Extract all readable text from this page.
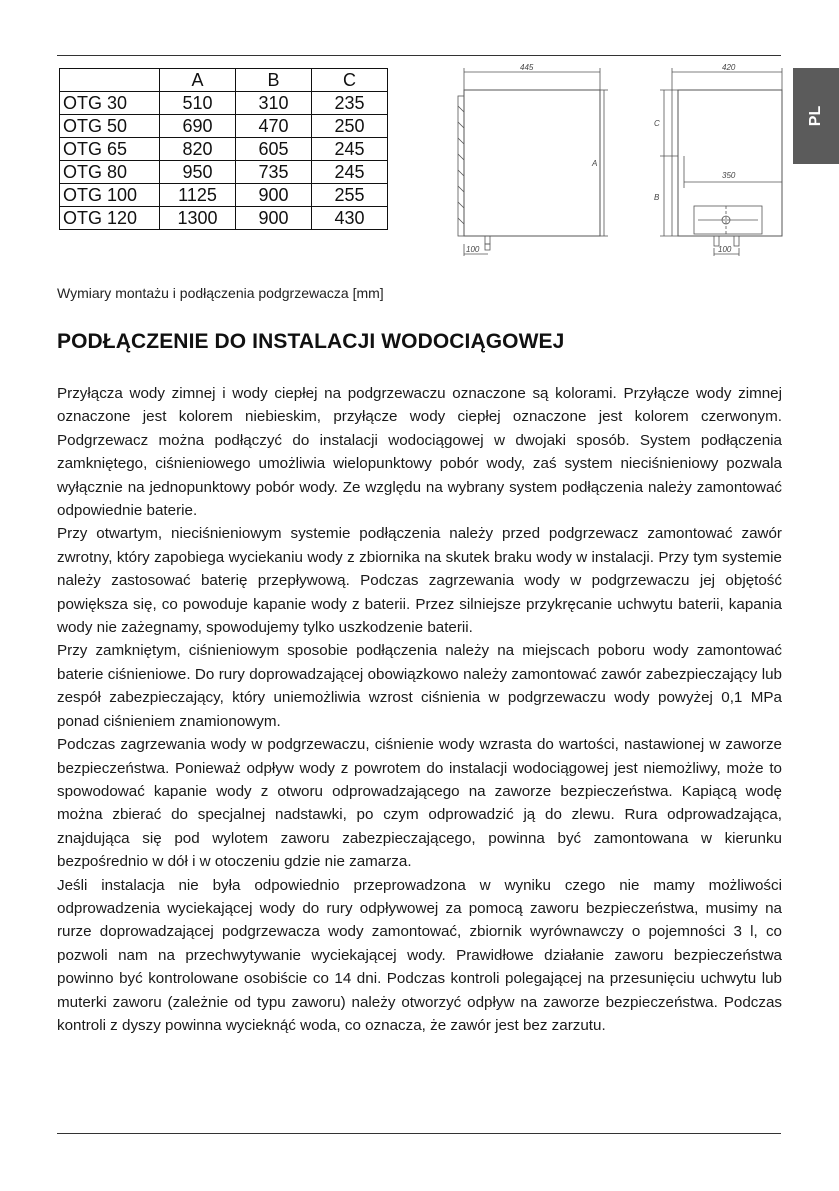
	A	B	C
OTG 30	510	310	235
OTG 50	690	470	250
OTG 65	820	605	245
OTG 80	950	735	245
OTG 100	1125	900	255
OTG 120	1300	900	430
445	420
A
C
B
350
100	100
PL
Wymiary montażu i podłączenia podgrzewacza [mm]
PODŁĄCZENIE DO INSTALACJI WODOCIĄGOWEJ

Przyłącza wody zimnej i wody ciepłej na podgrzewaczu oznaczone są kolorami. Przyłącze wody zimnej oznaczone jest kolorem niebieskim, przyłącze wody ciepłej oznaczone jest kolorem czerwonym. Podgrzewacz można podłączyć do instalacji wodociągowej w dwojaki sposób. System podłączenia zamkniętego, ciśnieniowego umożliwia wielopunktowy pobór wody, zaś system nieciśnieniowy pozwala wyłącznie na jednopunktowy pobór wody. Ze względu na wybrany system podłączenia należy zamontować odpowiednie baterie.

Przy otwartym, nieciśnieniowym systemie podłączenia należy przed podgrzewacz zamontować zawór zwrotny, który zapobiega wyciekaniu wody z zbiornika na skutek braku wody w instalacji. Przy tym systemie należy zastosować baterię przepływową. Podczas zagrzewania wody w podgrzewaczu jej objętość powiększa się, co powoduje kapanie wody z baterii. Przez silniejsze przykręcanie uchwytu baterii, kapania wody nie zażegnamy, spowodujemy tylko uszkodzenie baterii.

Przy zamkniętym, ciśnieniowym sposobie podłączenia należy na miejscach poboru wody zamontować baterie ciśnieniowe. Do rury doprowadzającej obowiązkowo należy zamontować zawór zabezpieczający lub zespół zabezpieczający, który uniemożliwia wzrost ciśnienia w podgrzewaczu wody powyżej 0,1 MPa ponad ciśnieniem znamionowym.

Podczas zagrzewania wody w podgrzewaczu, ciśnienie wody wzrasta do wartości, nastawionej w zaworze bezpieczeństwa. Ponieważ odpływ wody z powrotem do instalacji wodociągowej jest niemożliwy, może to spowodować kapanie wody z otworu odprowadzającego na zaworze bezpieczeństwa. Kapiącą wodę można zbierać do specjalnej nadstawki, po czym odprowadzić ją do zlewu. Rura odprowadzająca, znajdująca się pod wylotem zaworu zabezpieczającego, powinna być zamontowana w kierunku bezpośrednio w dół i w otoczeniu gdzie nie zamarza.

Jeśli instalacja nie była odpowiednio przeprowadzona w wyniku czego nie mamy możliwości odprowadzenia wyciekającej wody do rury odpływowej za pomocą zaworu bezpieczeństwa, musimy na rurze doprowadzającej podgrzewacza wody zamontować, zbiornik wyrównawczy o pojemności 3 l, co pozwoli nam na przechwytywanie wyciekającej wody. Prawidłowe działanie zaworu bezpieczeństwa powinno być kontrolowane osobiście co 14 dni. Podczas kontroli polegającej na przesunięciu uchwytu lub muterki zaworu (zależnie od typu zaworu) należy otworzyć odpływ na zaworze bezpieczeństwa. Podczas kontroli z dyszy powinna wyciekną́ć woda, co oznacza, że zawór jest bez zarzutu.
